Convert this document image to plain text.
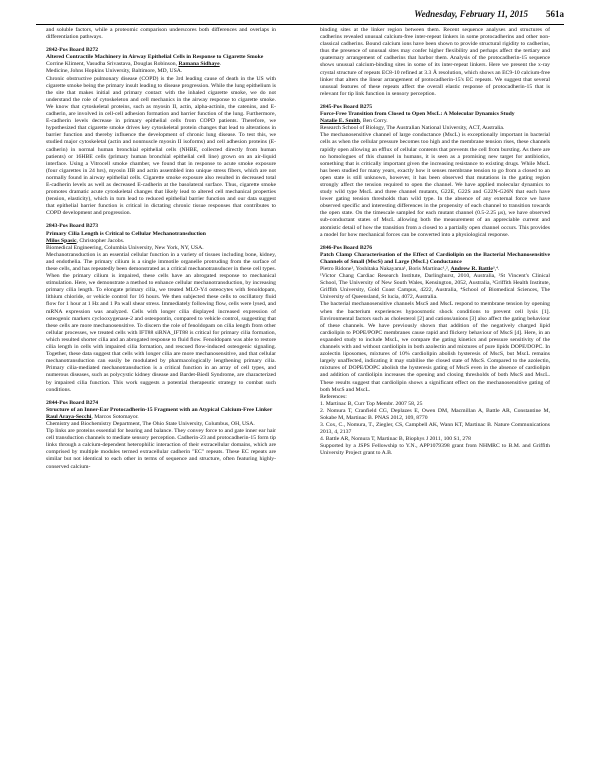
Wednesday, February 11, 2015 561a

and soluble factors, while a proteomic comparison underscores both differences and overlaps in differentiation pathways.

2842-Pos Board B272

Altered Contractile Machinery in Airway Epithelial Cells in Response to Cigarette Smoke

Corrine Kliment, Vasudha Srivastava, Douglas Robinson, Ramana Sidhaye.

Medicine, Johns Hopkins University, Baltimore, MD, USA.

Chronic obstructive pulmonary disease (COPD) is the 3rd leading cause of death in the US with cigarette smoke being the primary insult leading to disease progression. While the lung epithelium is the site that makes initial and primary contact with the inhaled cigarette smoke, we do not understand the role of cytoskeleton and cell mechanics in the airway response to cigarette smoke. We know that cytoskeletal proteins, such as myosin II, actin, alpha-actinin, the catenins, and E-cadherin, are involved in cell-cell adhesion formation and barrier function of the lung. Furthermore, E-cadherin levels decrease in primary epithelial cells from COPD patients. Therefore, we hypothesized that cigarette smoke drives key cytoskeletal protein changes that lead to alterations in barrier function and thereby influence the development of chronic lung disease. To test this, we studied major cytoskeletal (actin and nonmuscle myosin II isoforms) and cell adhesion proteins (E-cadherin) in normal human bronchial epithelial cells (NHBE, collected directly from human patients) or 16HBE cells (primary human bronchial epithelial cell line) grown on an air-liquid interface. Using a Vitrocell smoke chamber, we found that in response to acute smoke exposure (four cigarettes in 24 hrs), myosin IIB and actin assembled into unique stress fibers, which are not normally found in airway epithelial cells. Cigarette smoke exposure also resulted in decreased total E-cadherin levels as well as decreased E-cadherin at the basolateral surface. Thus, cigarette smoke promotes dramatic acute cytoskeletal changes that likely lead to altered cell mechanical properties (tension, elasticity), which in turn lead to reduced epithelial barrier function and our data suggest that epithelial barrier function is critical in dictating chronic tissue responses that contributes to COPD development and progression.

2843-Pos Board B273

Primary Cilia Length is Critical to Cellular Mechanotransduction

Milos Spasic, Christopher Jacobs.

Biomedical Engineering, Columbia University, New York, NY, USA.

Mechanotransduction is an essential cellular function in a variety of tissues including bone, kidney, and endothelia. The primary cilium is a single immotile organelle protruding from the surface of these cells, and has repeatedly been demonstrated as a critical mechanotransducer in these cell types. When the primary cilium is impaired, these cells have an abrogated response to mechanical stimulation. Here, we demonstrate a method to enhance cellular mechanotransduction, by increasing primary cilia length. To elongate primary cilia, we treated MLO-Y4 osteocytes with fenoldopam, lithium chloride, or vehicle control for 16 hours. We then subjected these cells to oscillatory fluid flow for 1 hour at 1 Hz and 1 Pa wall shear stress. Immediately following flow, cells were lysed, and mRNA expression was analyzed. Cells with longer cilia displayed increased expression of osteogenic markers cyclooxygenase-2 and osteopontin, compared to vehicle control, suggesting that these cells are more mechanosensitive. To discern the role of fenoldopam on cilia length from other cellular processes, we treated cells with IFT88 siRNA_IFT88 is critical for primary cilia formation, which resulted shorter cilia and an abrogated response to fluid flow. Fenoldopam was able to restore cilia length in cells with impaired cilia formation, and rescued flow-induced osteogenic signaling. Together, these data suggest that cells with longer cilia are more mechanosensitive, and that cellular mechanotransduction can easily be modulated by pharmacologically lengthening primary cilia. Primary cilia-mediated mechanotransduction is a critical function in an array of cell types, and numerous diseases, such as polycystic kidney disease and Bardet-Biedl Syndrome, are characterized by impaired cilia function. This work suggests a potential therapeutic strategy to combat such conditions.

2844-Pos Board B274

Structure of an Inner-Ear Protocadherin-15 Fragment with an Atypical Calcium-Free Linker

Raul Araya-Secchi, Marcos Sotomayor.

Chemistry and Biochemistry Department, The Ohio State University, Columbus, OH, USA.

Tip links are proteins essential for hearing and balance. They convey force to and gate inner ear hair cell transduction channels to mediate sensory perception. Cadherin-23 and protocadherin-15 form tip links through a calcium-dependent heterophilic interaction of their extracellular domains, which are comprised by multiple modules termed extracellular cadherin "EC" repeats. These EC repeats are similar but not identical to each other in terms of sequence and structure, often featuring highly-conserved calcium-

binding sites at the linker region between them. Recent sequence analyses and structures of cadherins revealed unusual calcium-free inter-repeat linkers in some protocadherins and other non-classical cadherins. Bound calcium ions have been shown to provide structural rigidity to cadherins, thus the presence of unusual sites may confer higher flexibility and perhaps affect the tertiary and quaternary arrangement of cadherins that harbor them. Analysis of the protocadherin-15 sequence shows unusual calcium-binding sites in some of its inter-repeat linkers. Here we present the x-ray crystal structure of repeats EC8-10 refined at 3.3 Å resolution, which shows an EC9-10 calcium-free linker that alters the linear arrangement of protocadherin-15's EC repeats. We suggest that several unusual features of these repeats affect the overall elastic response of protocadherin-15 that is relevant for tip link function in sensory perception.

2845-Pos Board B275

Force-Free Transition from Closed to Open MscL: A Molecular Dynamics Study

Natalie E. Smith, Ben Corry.

Research School of Biology, The Australian National University, ACT, Australia.

The mechanosensitive channel of large conductance (MscL) is exceptionally important in bacterial cells as when the cellular pressure becomes too high and the membrane tension rises, these channels rapidly open allowing an efflux of cellular contents that prevents the cell from bursting. As there are no homologues of this channel in humans, it is seen as a promising new target for antibiotics, something that is critically important given the increasing resistance to existing drugs. While MscL has been studied for many years, exactly how it senses membrane tension to go from a closed to an open state is still unknown, however, it has been observed that mutations in the gating region strongly affect the tension required to open the channel. We have applied molecular dynamics to study wild type MscL and three channel mutants, G22E, G22S and G22N-G26N that each have lower gating tension thresholds than wild type. In the absence of any external force we have observed specific and interesting differences in the propensity of each channel to transition towards the open state. On the timescale sampled for each mutant channel (0.5-2.25 μs), we have observed sub-conductant states of MscL allowing both the measurement of an appreciable current and atomistic detail of how the transition from a closed to a partially open channel occurs. This provides a model for how mechanical forces can be converted into a physiological response.

2846-Pos Board B276

Patch Clamp Characterisation of the Effect of Cardiolipin on the Bacterial Mechanosensitive Channels of Small (MscS) and Large (MscL) Conductance

Pietro Ridone¹, Yoshitaka Nakayama¹, Boris Martinac¹,², Andrew R. Battle³,⁴.

¹Victor Chang Cardiac Research Institute, Darlinghurst, 2010, Australia, ²St Vincent's Clinical School, The University of New South Wales, Kensington, 2052, Australia, ³Griffith Health Institute, Griffith University, Gold Coast Campus, 4222, Australia, ⁴School of Biomedical Sciences, The University of Queensland, St lucia, 4072, Australia.

The bacterial mechanosensitive channels MscS and MscL respond to membrane tension by opening when the bacterium experiences hypoosmotic shock conditions to prevent cell lysis [1]. Environmental factors such as cholesterol [2] and cations/anions [3] also affect the gating behaviour of these channels. We have previously shown that addition of the negatively charged lipid cardiolipin to POPE/POPC membranes cause rapid and flickery behaviour of MscS [4]. Here, in an expanded study to include MscL, we compare the gating kinetics and pressure sensitivity of the channels with and without cardiolipin in both azolectin and mixtures of pure lipids DOPE/DOPC. In azolectin liposomes, mixtures of 10% cardiolipin abolish hysteresis of MscS, but MscL remains largely unaffected, indicating it may stabilise the closed state of MscS. Compared to the azolectin, mixtures of DOPE/DOPC abolish the hysteresis gating of MscS even in the absence of cardiolipin and addition of cardiolipin increases the opening and closing thresholds of both MscS and MscL. These results suggest that cardiolipin shows a significant effect on the mechanosensitive gating of both MscS and MscL.

References:

1. Martinac B, Curr Top Membr. 2007 58, 25

2. Nomura T, Cranfield CG, Deplazes E, Owen DM, Macmillan A, Battle AR, Constantine M, Sokabe M, Martinac B. PNAS 2012, 109, 8770

3. Cox, C., Nomura, T., Ziegler, CS, Campbell AK, Wann KT, Martinac B. Nature Communications 2013, 4, 2137

4. Battle AR, Nomura T, Martinac B, Biophys J 2011, 100 S1, 278

Supported by a JSPS Fellowship to Y.N., APP1079398 grant from NHMRC to B.M. and Griffith University Project grant to A.B.
